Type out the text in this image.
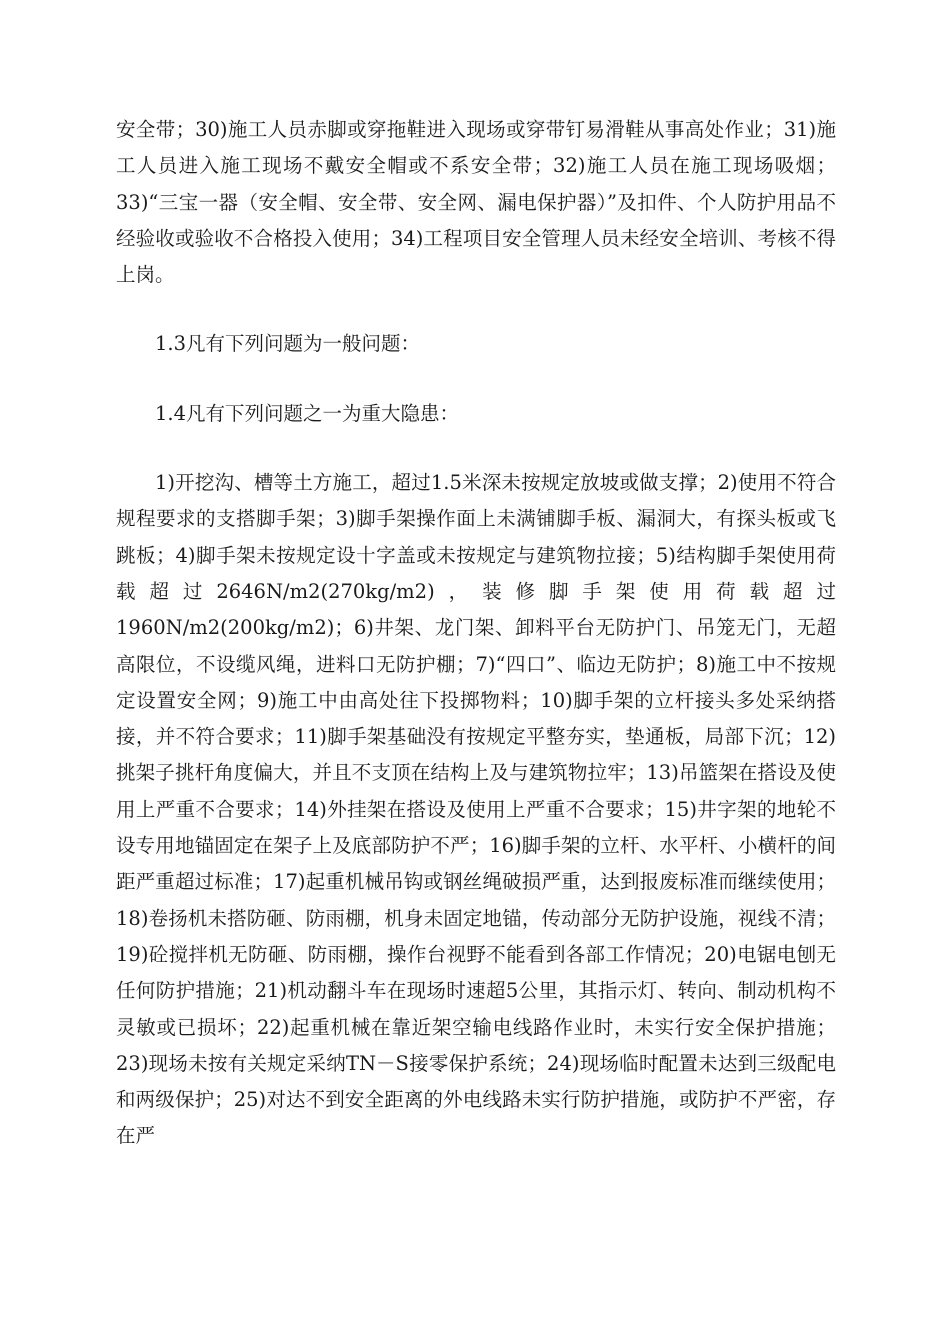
安全带；30)施工人员赤脚或穿拖鞋进入现场或穿带钉易滑鞋从事高处作业；31)施工人员进入施工现场不戴安全帽或不系安全带；32)施工人员在施工现场吸烟；33)“三宝一器（安全帽、安全带、安全网、漏电保护器）”及扣件、个人防护用品不经验收或验收不合格投入使用；34)工程项目安全管理人员未经安全培训、考核不得上岗。

1.3凡有下列问题为一般问题：

1.4凡有下列问题之一为重大隐患：

1)开挖沟、槽等土方施工，超过1.5米深未按规定放坡或做支撑；2)使用不符合规程要求的支搭脚手架；3)脚手架操作面上未满铺脚手板、漏洞大，有探头板或飞跳板；4)脚手架未按规定设十字盖或未按规定与建筑物拉接；5)结构脚手架使用荷载超过2646N/m2(270kg/m2)，装修脚手架使用荷载超过1960N/m2(200kg/m2)；6)井架、龙门架、卸料平台无防护门、吊笼无门，无超高限位，不设缆风绳，进料口无防护棚；7)“四口”、临边无防护；8)施工中不按规定设置安全网；9)施工中由高处往下投掷物料；10)脚手架的立杆接头多处采纳搭接，并不符合要求；11)脚手架基础没有按规定平整夯实，垫通板，局部下沉；12)挑架子挑杆角度偏大，并且不支顶在结构上及与建筑物拉牢；13)吊篮架在搭设及使用上严重不合要求；14)外挂架在搭设及使用上严重不合要求；15)井字架的地轮不设专用地锚固定在架子上及底部防护不严；16)脚手架的立杆、水平杆、小横杆的间距严重超过标准；17)起重机械吊钩或钢丝绳破损严重，达到报废标准而继续使用；18)卷扬机未搭防砸、防雨棚，机身未固定地锚，传动部分无防护设施，视线不清；19)砼搅拌机无防砸、防雨棚，操作台视野不能看到各部工作情况；20)电锯电刨无任何防护措施；21)机动翻斗车在现场时速超5公里，其指示灯、转向、制动机构不灵敏或已损坏；22)起重机械在靠近架空输电线路作业时，未实行安全保护措施；23)现场未按有关规定采纳TN－S接零保护系统；24)现场临时配置未达到三级配电和两级保护；25)对达不到安全距离的外电线路未实行防护措施，或防护不严密，存在严
